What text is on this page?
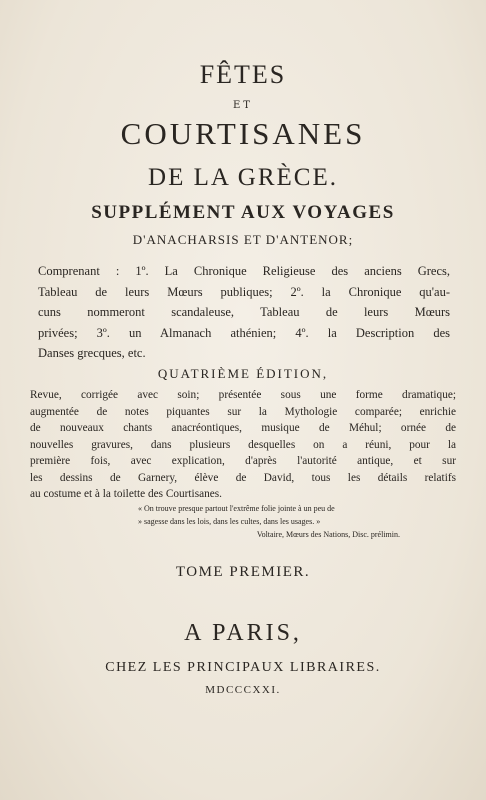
FÊTES
ET
COURTISANES
DE LA GRÈCE.
SUPPLÉMENT AUX VOYAGES
D'ANACHARSIS ET D'ANTENOR;
Comprenant : 1º. La Chronique Religieuse des anciens Grecs,
Tableau de leurs Mœurs publiques; 2º. la Chronique qu'au-
cuns nommeront scandaleuse, Tableau de leurs Mœurs
privées; 3º. un Almanach athénien; 4º. la Description des
Danses grecques, etc.
QUATRIÈME ÉDITION,
Revue, corrigée avec soin; présentée sous une forme dramatique;
augmentée de notes piquantes sur la Mythologie comparée; enrichie
de nouveaux chants anacréontiques, musique de Méhul; ornée de
nouvelles gravures, dans plusieurs desquelles on a réuni, pour la
première fois, avec explication, d'après l'autorité antique, et sur
les dessins de Garnery, élève de David, tous les détails relatifs
au costume et à la toilette des Courtisanes.
« On trouve presque partout l'extrême folie jointe à un peu de
» sagesse dans les lois, dans les cultes, dans les usages. »
Voltaire, Mœurs des Nations, Disc. prélimin.
TOME PREMIER.
A PARIS,
CHEZ LES PRINCIPAUX LIBRAIRES.
MDCCCXXI.
